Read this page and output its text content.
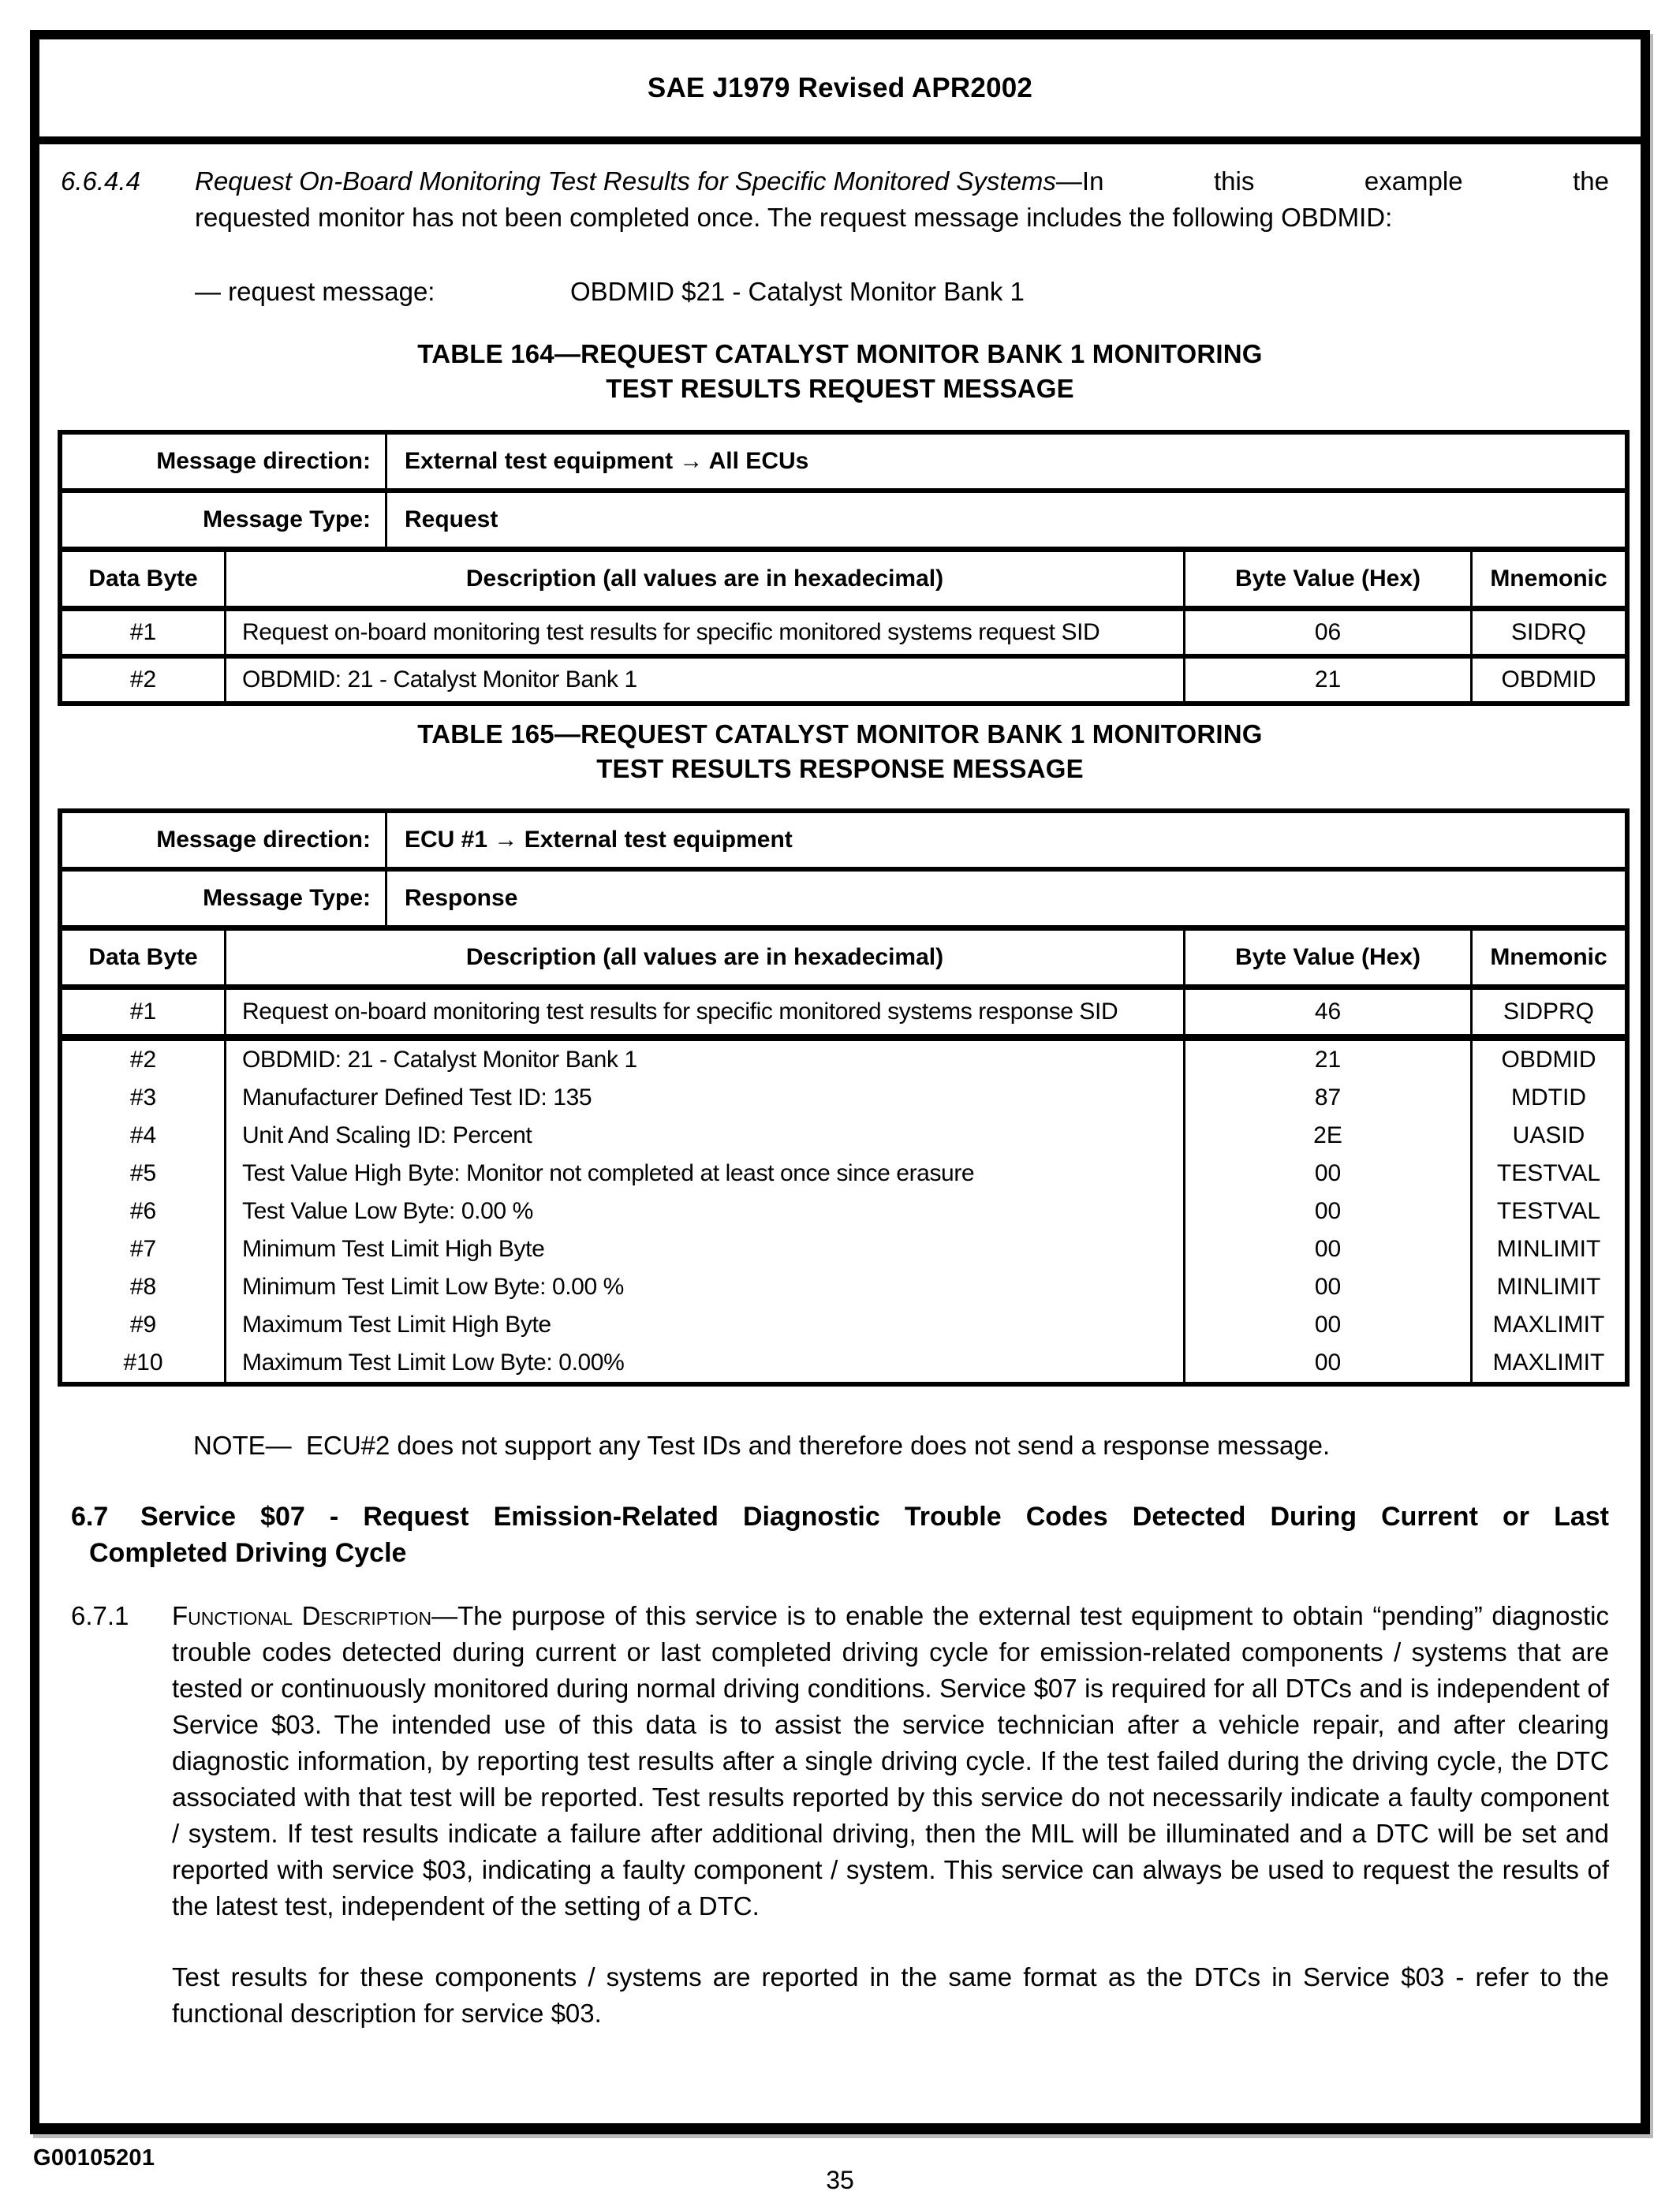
SAE J1979 Revised APR2002
6.6.4.4 Request On-Board Monitoring Test Results for Specific Monitored Systems—In	this	example	the
requested monitor has not been completed once. The request message includes the following OBDMID:
— request message:	OBDMID $21 - Catalyst Monitor Bank 1
TABLE 164—REQUEST CATALYST MONITOR BANK 1 MONITORING
TEST RESULTS REQUEST MESSAGE
Message direction:	External test equipment → All ECUs
Message Type:	Request
Data Byte	Description (all values are in hexadecimal)	Byte Value (Hex)	Mnemonic
#1	Request on-board monitoring test results for specific monitored systems request SID	06	SIDRQ
#2	OBDMID: 21 - Catalyst Monitor Bank 1	21	OBDMID
TABLE 165—REQUEST CATALYST MONITOR BANK 1 MONITORING
TEST RESULTS RESPONSE MESSAGE
Message direction:	ECU #1 → External test equipment
Message Type:	Response
Data Byte	Description (all values are in hexadecimal)	Byte Value (Hex)	Mnemonic
#1	Request on-board monitoring test results for specific monitored systems response SID	46	SIDPRQ
#2	OBDMID: 21 - Catalyst Monitor Bank 1	21	OBDMID
#3	Manufacturer Defined Test ID: 135	87	MDTID
#4	Unit And Scaling ID: Percent	2E	UASID
#5	Test Value High Byte: Monitor not completed at least once since erasure	00	TESTVAL
#6	Test Value Low Byte: 0.00 %	00	TESTVAL
#7	Minimum Test Limit High Byte	00	MINLIMIT
#8	Minimum Test Limit Low Byte: 0.00 %	00	MINLIMIT
#9	Maximum Test Limit High Byte	00	MAXLIMIT
#10	Maximum Test Limit Low Byte: 0.00%	00	MAXLIMIT
NOTE—  ECU#2 does not support any Test IDs and therefore does not send a response message.
6.7 Service $07 - Request Emission-Related Diagnostic Trouble Codes Detected During Current or Last
Completed Driving Cycle
6.7.1 Functional Description—The purpose of this service is to enable the external test equipment to obtain “pending” diagnostic trouble codes detected during current or last completed driving cycle for emission-related components / systems that are tested or continuously monitored during normal driving conditions. Service $07 is required for all DTCs and is independent of Service $03. The intended use of this data is to assist the service technician after a vehicle repair, and after clearing diagnostic information, by reporting test results after a single driving cycle. If the test failed during the driving cycle, the DTC associated with that test will be reported. Test results reported by this service do not necessarily indicate a faulty component / system. If test results indicate a failure after additional driving, then the MIL will be illuminated and a DTC will be set and reported with service $03, indicating a faulty component / system. This service can always be used to request the results of the latest test, independent of the setting of a DTC.
Test results for these components / systems are reported in the same format as the DTCs in Service $03 - refer to the functional description for service $03.
G00105201
35
